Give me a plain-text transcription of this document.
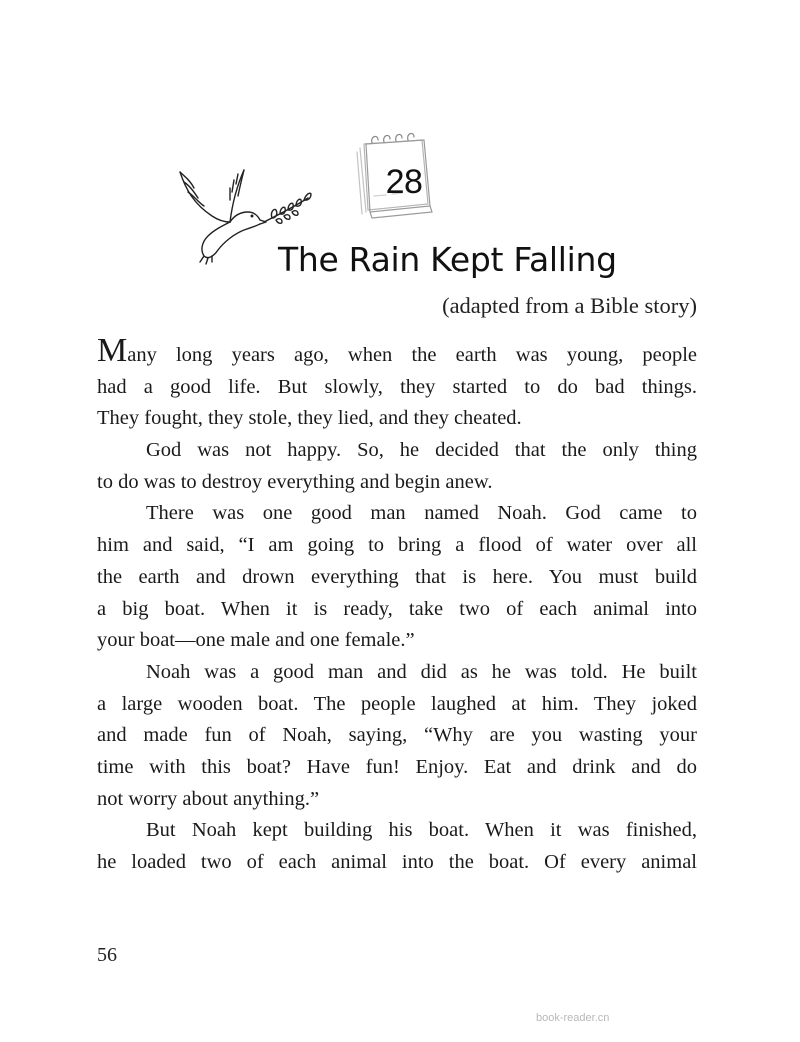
28
The Rain Kept Falling
(adapted from a Bible story)
Many long years ago, when the earth was young, people
had a good life. But slowly, they started to do bad things.
They fought, they stole, they lied, and they cheated.
God was not happy. So, he decided that the only thing
to do was to destroy everything and begin anew.
There was one good man named Noah. God came to
him and said, “I am going to bring a flood of water over all
the earth and drown everything that is here. You must build
a big boat. When it is ready, take two of each animal into
your boat—one male and one female.”
Noah was a good man and did as he was told. He built
a large wooden boat. The people laughed at him. They joked
and made fun of Noah, saying, “Why are you wasting your
time with this boat? Have fun! Enjoy. Eat and drink and do
not worry about anything.”
But Noah kept building his boat. When it was finished,
he loaded two of each animal into the boat. Of every animal
56
book-reader.cn
